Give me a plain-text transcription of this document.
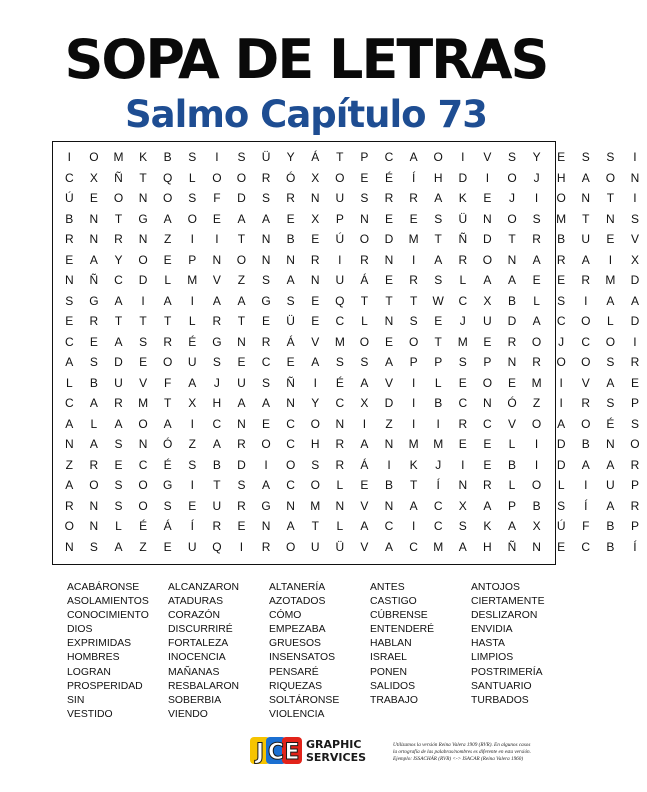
SOPA DE LETRAS
Salmo Capítulo 73
I	O	M	K	B	S	I	S	Ü	Y	Á	T	P	C	A	O	I	V	S	Y	E	S	S	I
C	X	Ñ	T	Q	L	O	O	R	Ó	X	O	E	É	Í	H	D	I	O	J	H	A	O	N
Ú	E	O	N	O	S	F	D	S	R	N	U	S	R	R	A	K	E	J	I	O	N	T	I
B	N	T	G	A	O	E	A	A	E	X	P	N	E	E	S	Ü	N	O	S	M	T	N	S
R	N	R	N	Z	I	I	T	N	B	E	Ú	O	D	M	T	Ñ	D	T	R	B	U	E	V
E	A	Y	O	E	P	N	O	N	N	R	I	R	N	I	A	R	O	N	A	R	A	I	X
N	Ñ	C	D	L	M	V	Z	S	A	N	U	Á	E	R	S	L	A	A	E	E	R	M	D
S	G	A	I	A	I	A	A	G	S	E	Q	T	T	T	W	C	X	B	L	S	I	A	A
E	R	T	T	T	L	R	T	E	Ü	E	C	L	N	S	E	J	U	D	A	C	O	L	D
C	E	A	S	R	É	G	N	R	Á	V	M	O	E	O	T	M	E	R	O	J	C	O	I
A	S	D	E	O	U	S	E	C	E	A	S	S	A	P	P	S	P	N	R	O	O	S	R
L	B	U	V	F	A	J	U	S	Ñ	I	É	A	V	I	L	E	O	E	M	I	V	A	E
C	A	R	M	T	X	H	A	A	N	Y	C	X	D	I	B	C	N	Ó	Z	I	R	S	P
A	L	A	O	A	I	C	N	E	C	O	N	I	Z	I	I	R	C	V	O	A	O	É	S
N	A	S	N	Ó	Z	A	R	O	C	H	R	A	N	M	M	E	E	L	I	D	B	N	O
Z	R	E	C	É	S	B	D	I	O	S	R	Á	I	K	J	I	E	B	I	D	A	A	R
A	O	S	O	G	I	T	S	A	C	O	L	E	B	T	Í	N	R	L	O	L	I	U	P
R	N	S	O	S	E	U	R	G	N	M	N	V	N	A	C	X	A	P	B	S	Í	A	R
O	N	L	É	Á	Í	R	E	N	A	T	L	A	C	I	C	S	K	A	X	Ú	F	B	P
N	S	A	Z	E	U	Q	I	R	O	U	Ü	V	A	C	M	A	H	Ñ	N	E	C	B	Í
ACABÁRONSE	ALCANZARON	ALTANERÍA	ANTES	ANTOJOS
ASOLAMIENTOS	ATADURAS	AZOTADOS	CASTIGO	CIERTAMENTE
CONOCIMIENTO	CORAZÓN	CÓMO	CÚBRENSE	DESLIZARON
DIOS	DISCURRIRÉ	EMPEZABA	ENTENDERÉ	ENVIDIA
EXPRIMIDAS	FORTALEZA	GRUESOS	HABLAN	HASTA
HOMBRES	INOCENCIA	INSENSATOS	ISRAEL	LIMPIOS
LOGRAN	MAÑANAS	PENSARÉ	PONEN	POSTRIMERÍA
PROSPERIDAD	RESBALARON	RIQUEZAS	SALIDOS	SANTUARIO
SIN	SOBERBIA	SOLTÁRONSE	TRABAJO	TURBADOS
VESTIDO	VIENDO	VIOLENCIA
J C E GRAPHIC
SERVICES
Utilizamos la versión Reina Valera 1909 (RVR). En algunos casos
la ortografía de las palabras/nombres es diferente en esta versión.
Ejemplo: ISSACHÁR (RVR) <-> ISACAR (Reina Valera 1960)
